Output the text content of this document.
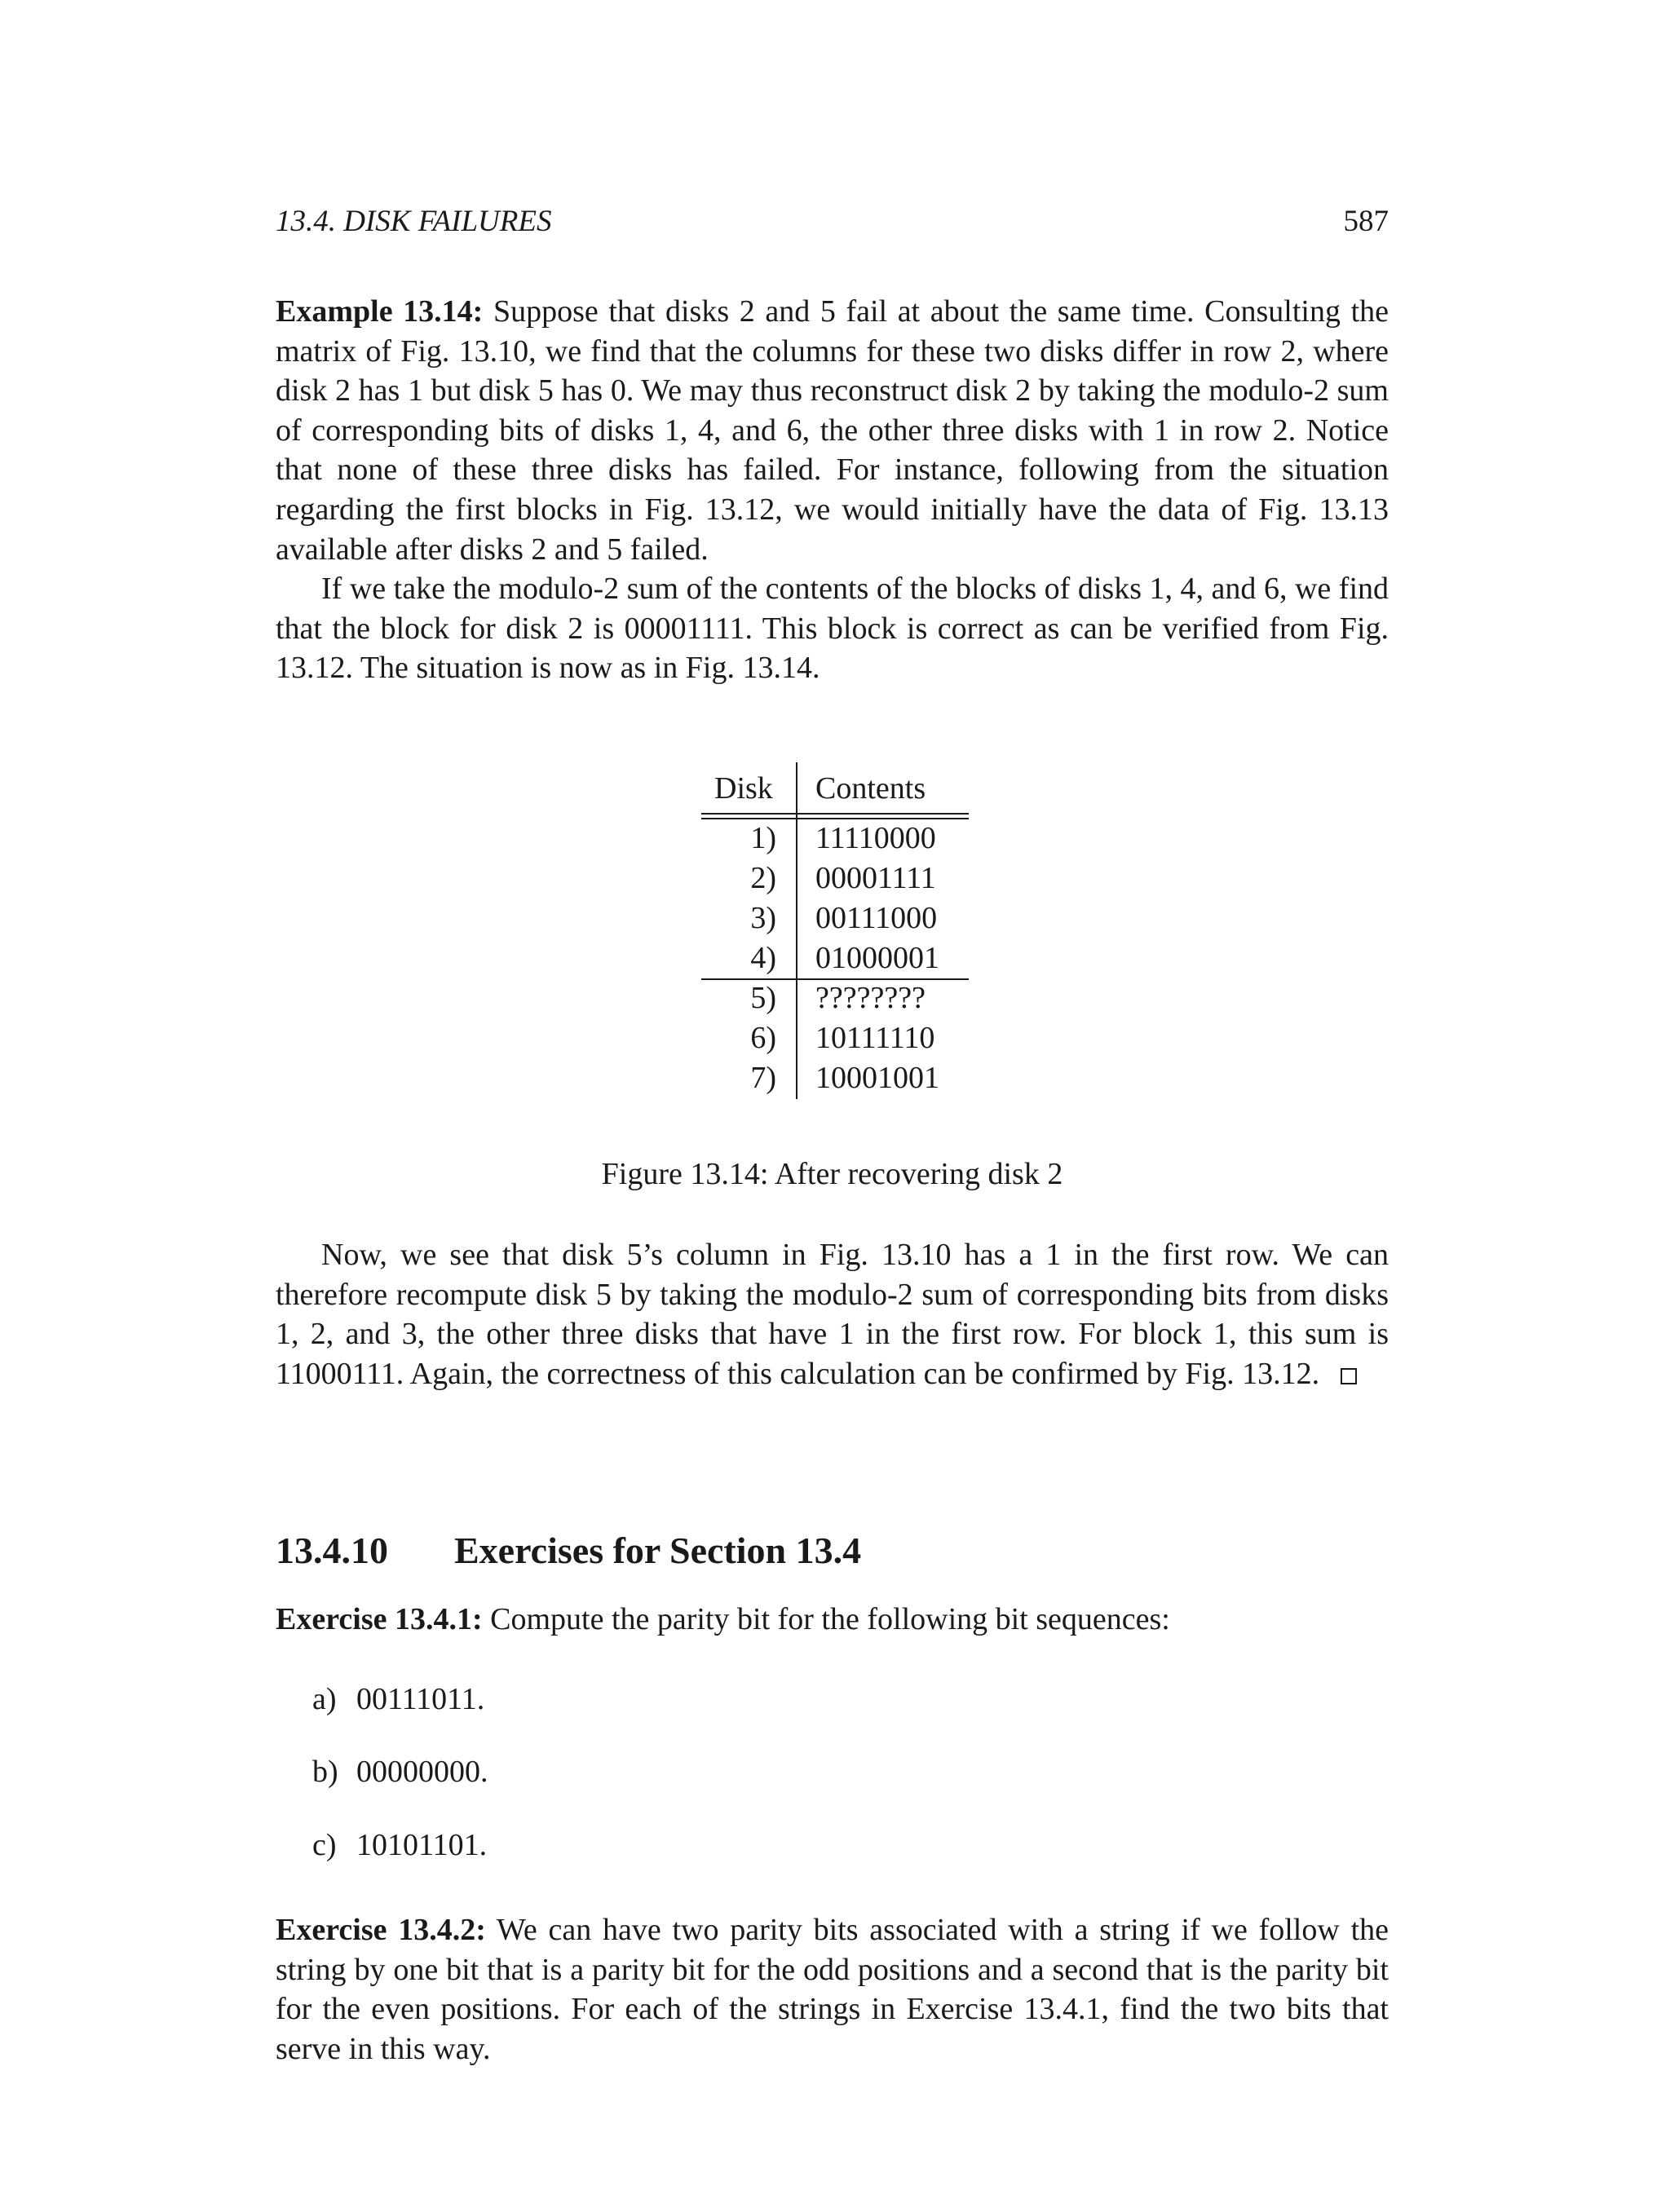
13.4. DISK FAILURES	587

Example 13.14: Suppose that disks 2 and 5 fail at about the same time. Consulting the matrix of Fig. 13.10, we find that the columns for these two disks differ in row 2, where disk 2 has 1 but disk 5 has 0. We may thus reconstruct disk 2 by taking the modulo-2 sum of corresponding bits of disks 1, 4, and 6, the other three disks with 1 in row 2. Notice that none of these three disks has failed. For instance, following from the situation regarding the first blocks in Fig. 13.12, we would initially have the data of Fig. 13.13 available after disks 2 and 5 failed.

If we take the modulo-2 sum of the contents of the blocks of disks 1, 4, and 6, we find that the block for disk 2 is 00001111. This block is correct as can be verified from Fig. 13.12. The situation is now as in Fig. 13.14.

Disk Contents
1) 11110000
2) 00001111
3) 00111000
4) 01000001
5) ????????
6) 10111110
7) 10001001
Figure 13.14: After recovering disk 2

Now, we see that disk 5’s column in Fig. 13.10 has a 1 in the first row. We can therefore recompute disk 5 by taking the modulo-2 sum of corresponding bits from disks 1, 2, and 3, the other three disks that have 1 in the first row. For block 1, this sum is 11000111. Again, the correctness of this calculation can be confirmed by Fig. 13.12.

13.4.10 Exercises for Section 13.4

Exercise 13.4.1: Compute the parity bit for the following bit sequences:

a) 00111011.
b) 00000000.
c) 10101101.

Exercise 13.4.2: We can have two parity bits associated with a string if we follow the string by one bit that is a parity bit for the odd positions and a second that is the parity bit for the even positions. For each of the strings in Exercise 13.4.1, find the two bits that serve in this way.
